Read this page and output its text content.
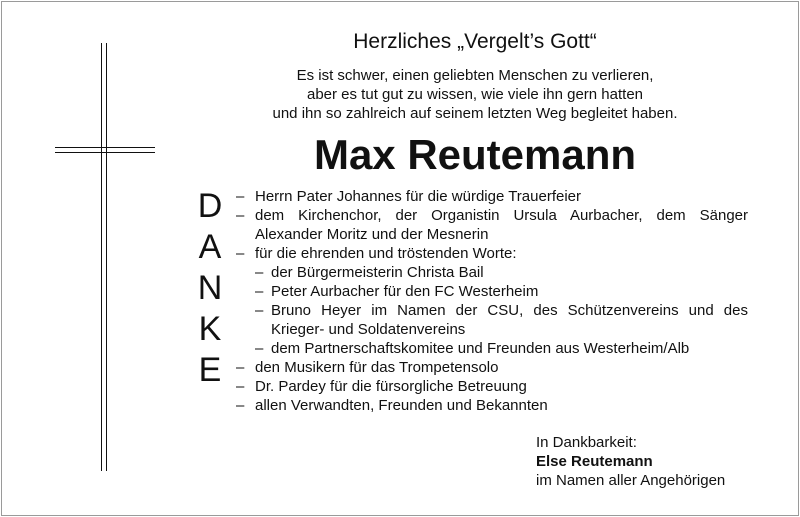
Herzliches „Vergelt’s Gott“
Es ist schwer, einen geliebten Menschen zu verlieren,
aber es tut gut zu wissen, wie viele ihn gern hatten
und ihn so zahlreich auf seinem letzten Weg begleitet haben.
Max Reutemann
D
A
N
K
E
– Herrn Pater Johannes für die würdige Trauerfeier
– dem Kirchenchor, der Organistin Ursula Aurbacher, dem Sänger Alexander Moritz und der Mesnerin
– für die ehrenden und tröstenden Worte:
– der Bürgermeisterin Christa Bail
– Peter Aurbacher für den FC Westerheim
– Bruno Heyer im Namen der CSU, des Schützenvereins und des Krieger- und Soldatenvereins
– dem Partnerschaftskomitee und Freunden aus Westerheim/Alb
– den Musikern für das Trompetensolo
– Dr. Pardey für die fürsorgliche Betreuung
– allen Verwandten, Freunden und Bekannten
In Dankbarkeit:
Else Reutemann
im Namen aller Angehörigen
